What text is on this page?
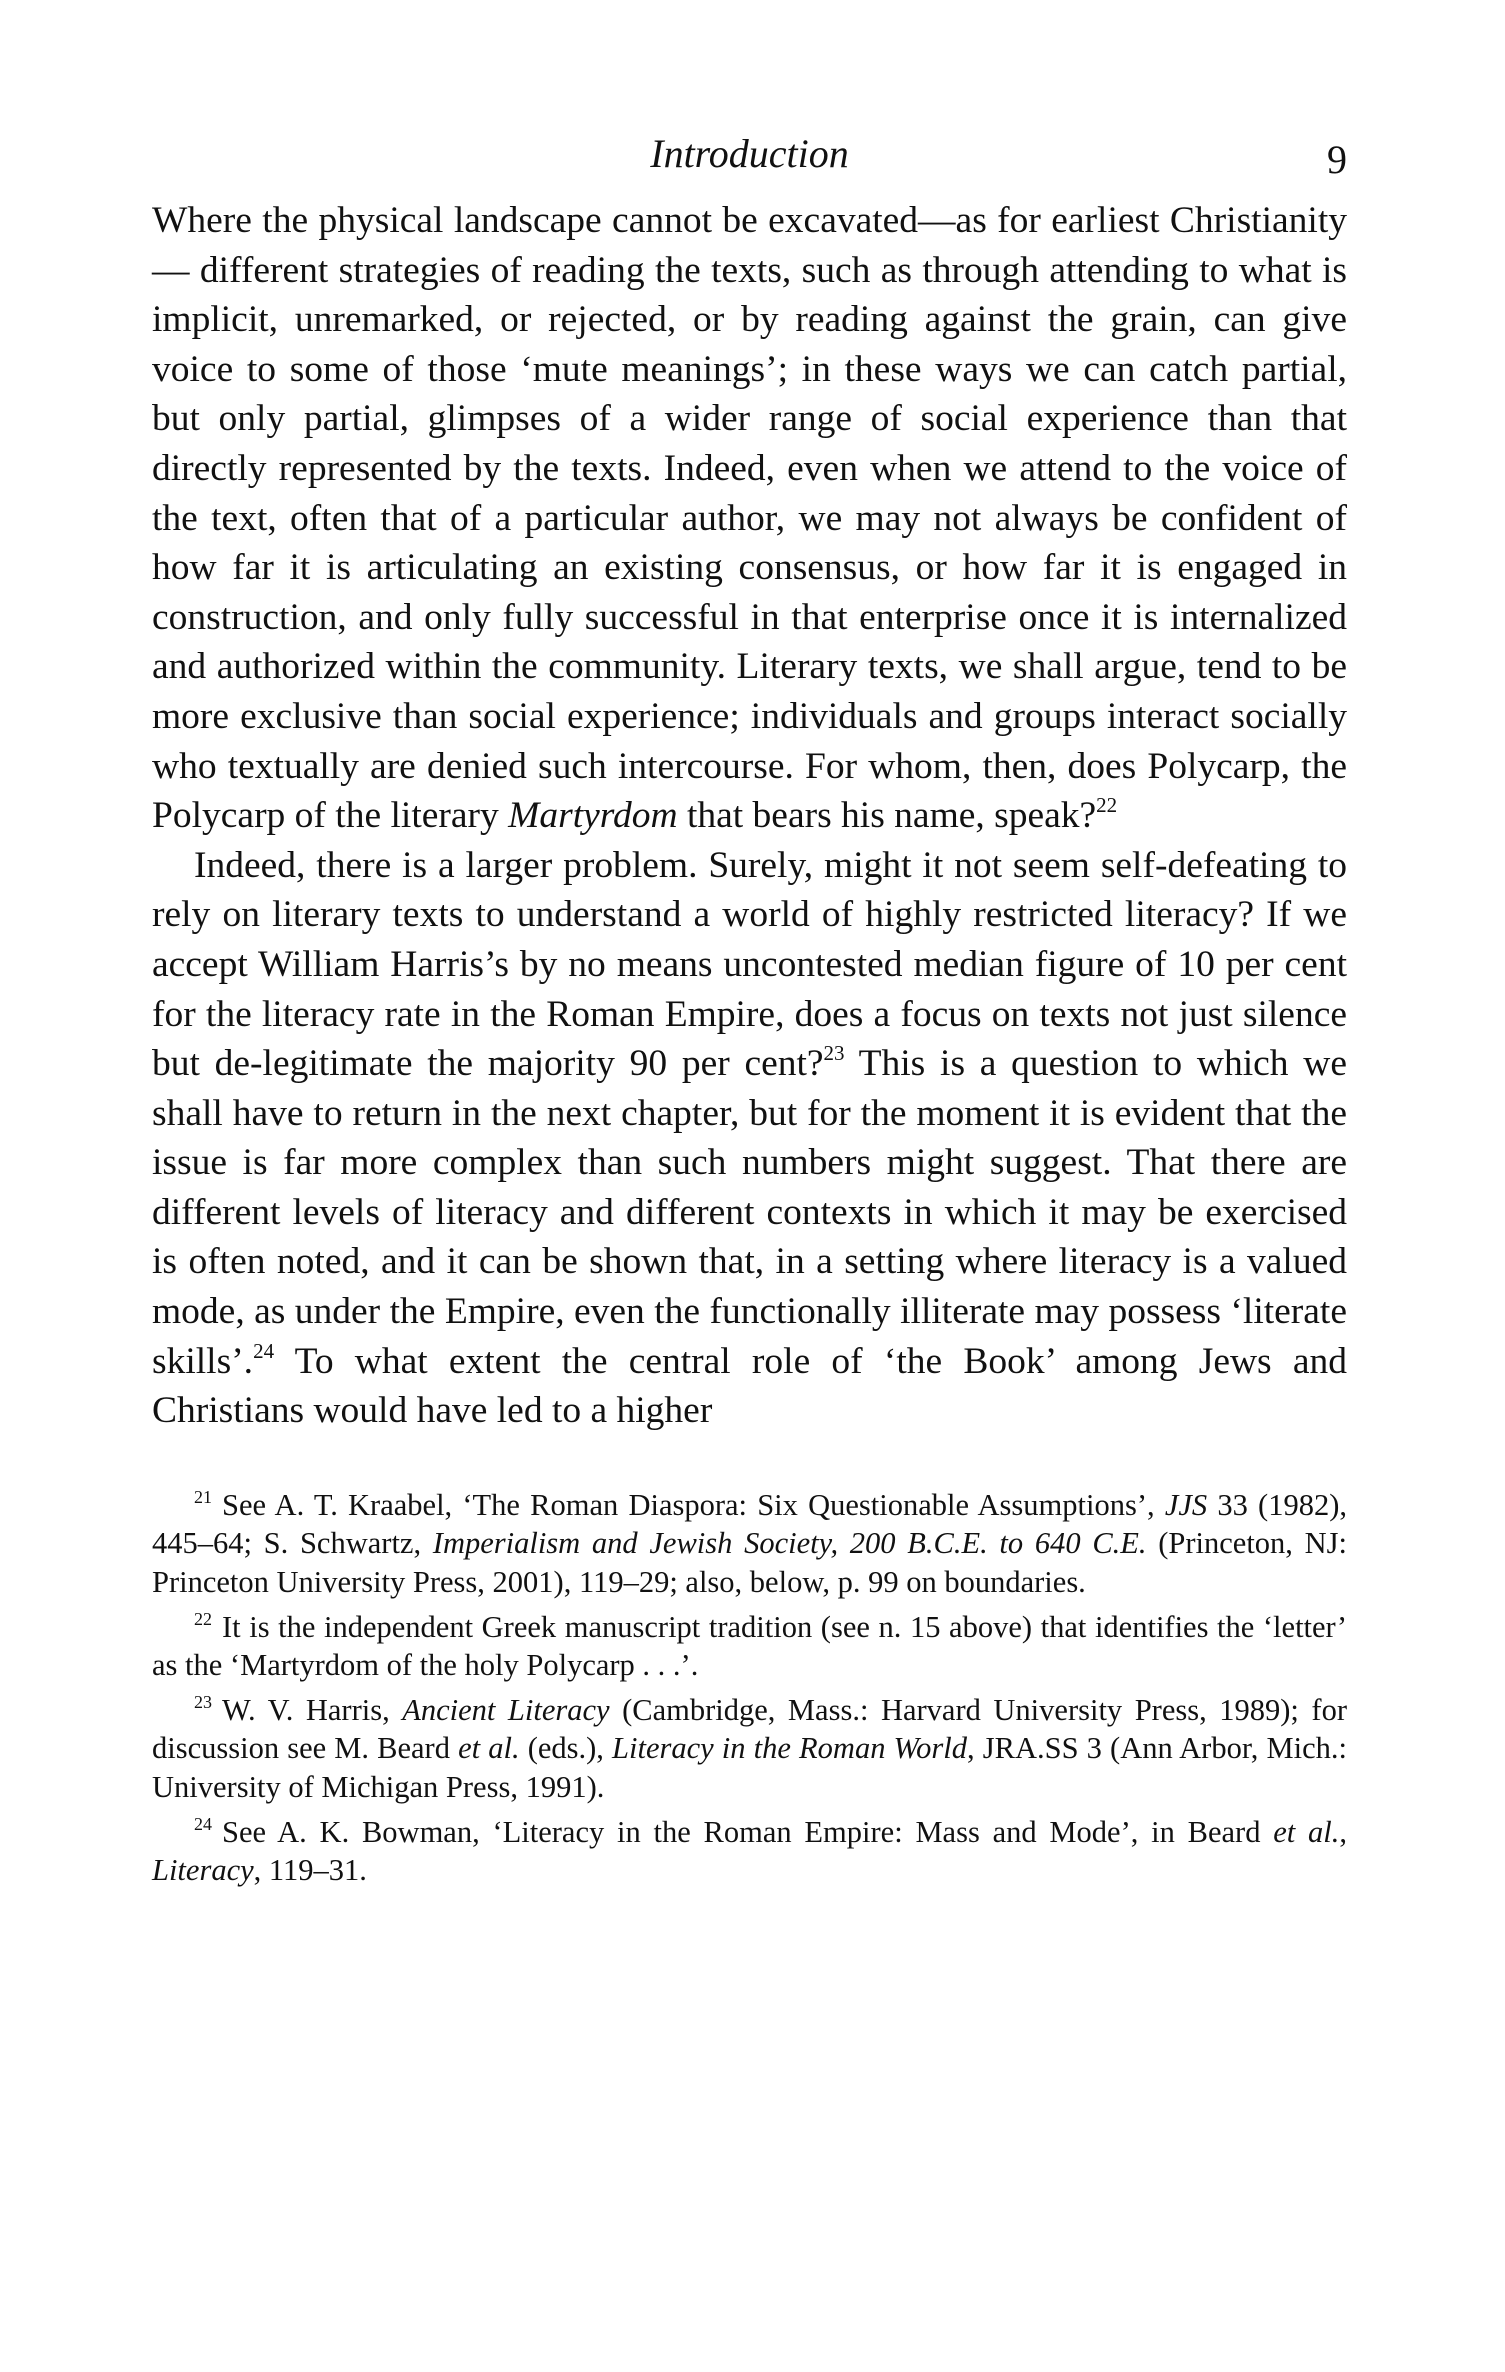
Introduction	9

Where the physical landscape cannot be excavated—as for earliest Christianity— different strategies of reading the texts, such as through attending to what is implicit, unremarked, or rejected, or by reading against the grain, can give voice to some of those ‘mute meanings’; in these ways we can catch partial, but only partial, glimpses of a wider range of social experience than that directly represented by the texts. Indeed, even when we attend to the voice of the text, often that of a particular author, we may not always be confident of how far it is articulating an existing consensus, or how far it is engaged in construction, and only fully successful in that enterprise once it is internalized and authorized within the community. Literary texts, we shall argue, tend to be more exclusive than social experience; individuals and groups interact socially who textually are denied such intercourse. For whom, then, does Polycarp, the Polycarp of the literary Martyrdom that bears his name, speak?$^{22}$

Indeed, there is a larger problem. Surely, might it not seem self-defeating to rely on literary texts to understand a world of highly restricted literacy? If we accept William Harris’s by no means uncontested median figure of 10 per cent for the literacy rate in the Roman Empire, does a focus on texts not just silence but de-legitimate the majority 90 per cent?$^{23}$ This is a question to which we shall have to return in the next chapter, but for the moment it is evident that the issue is far more complex than such numbers might suggest. That there are different levels of literacy and different contexts in which it may be exercised is often noted, and it can be shown that, in a setting where literacy is a valued mode, as under the Empire, even the functionally illiterate may possess ‘literate skills’.$^{24}$ To what extent the central role of ‘the Book’ among Jews and Christians would have led to a higher

$^{21}$ See A. T. Kraabel, ‘The Roman Diaspora: Six Questionable Assumptions’, JJS 33 (1982), 445–64; S. Schwartz, Imperialism and Jewish Society, 200 B.C.E. to 640 C.E. (Princeton, NJ: Princeton University Press, 2001), 119–29; also, below, p. 99 on boundaries.

$^{22}$ It is the independent Greek manuscript tradition (see n. 15 above) that identifies the ‘letter’ as the ‘Martyrdom of the holy Polycarp . . .’.

$^{23}$ W. V. Harris, Ancient Literacy (Cambridge, Mass.: Harvard University Press, 1989); for discussion see M. Beard et al. (eds.), Literacy in the Roman World, JRA.SS 3 (Ann Arbor, Mich.: University of Michigan Press, 1991).

$^{24}$ See A. K. Bowman, ‘Literacy in the Roman Empire: Mass and Mode’, in Beard et al., Literacy, 119–31.
